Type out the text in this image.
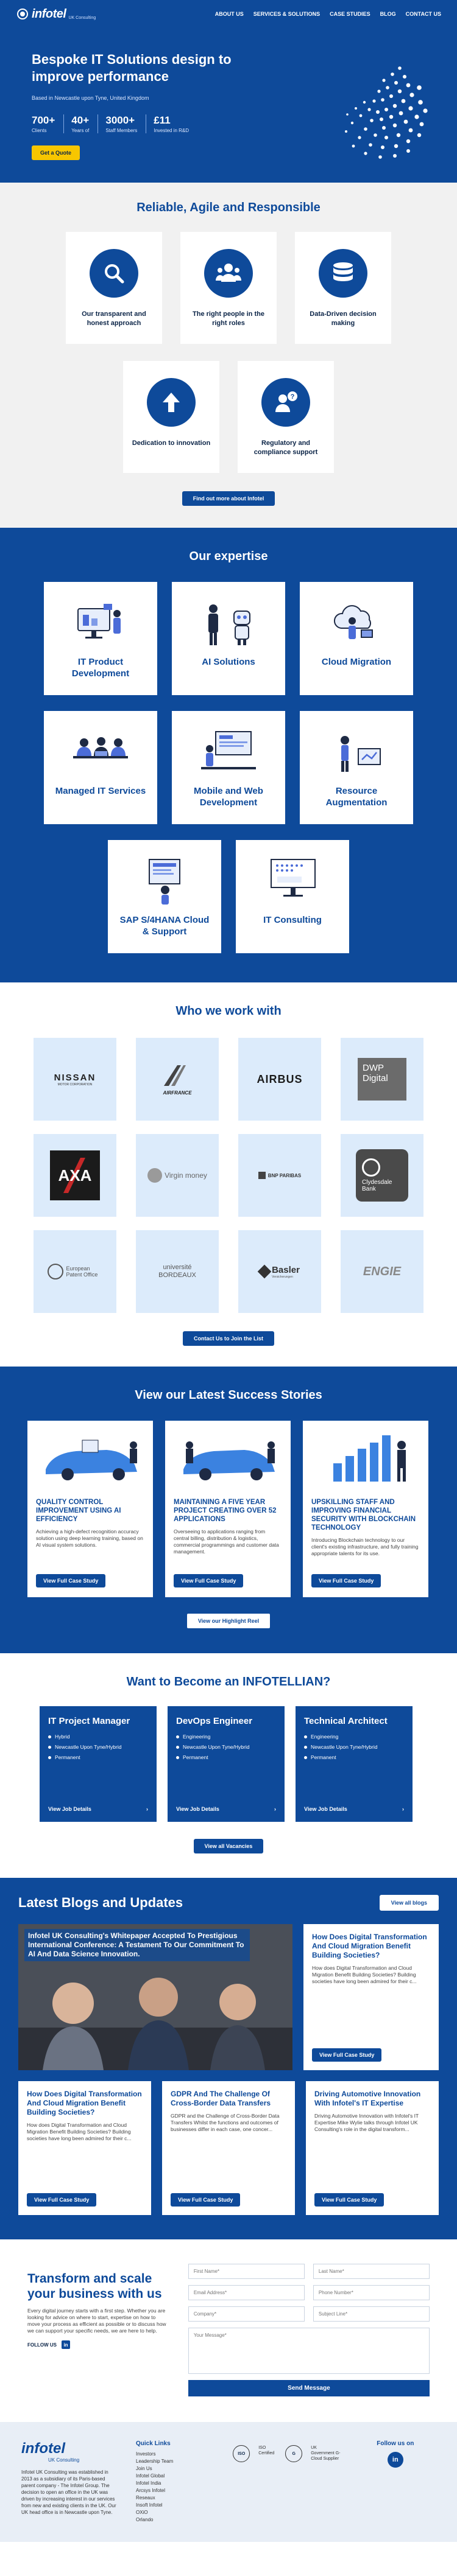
infotel UK Consulting
ABOUT US SERVICES & SOLUTIONS CASE STUDIES BLOG CONTACT US
Bespoke IT Solutions design to improve performance
Based in Newcastle upon Tyne, United Kingdom
700+
Clients
40+
Years of
3000+
Staff Members
£11
Invested in R&D
Get a Quote
Reliable, Agile and Responsible
Our transparent and honest approach
The right people in the right roles
Data-Driven decision making
Dedication to innovation
?
Regulatory and compliance support
Find out more about Infotel
Our expertise
IT Product Development
AI Solutions	Cloud Migration
Managed IT Services	Mobile and Web Development
Resource Augmentation
SAP S/4HANA Cloud & Support
IT Consulting
Who we work with
NISSAN
MOTOR CORPORATION
AIRFRANCE
AIRBUS
DWP Digital
AXA	Virgin money	BNP PARIBAS
Clydesdale Bank
European Patent Office
université BORDEAUX
Basler
Versicherungen	ENGIE
Contact Us to Join the List
View our Latest Success Stories
QUALITY CONTROL IMPROVEMENT USING AI EFFICIENCY

Achieving a high-defect recognition accuracy solution using deep learning training, based on AI visual system solutions.

View Full Case Study
MAINTAINING A FIVE YEAR PROJECT CREATING OVER 52 APPLICATIONS

Overseeing to applications ranging from central billing, distribution & logistics, commercial programmings and customer data management.

View Full Case Study
UPSKILLING STAFF AND IMPROVING FINANCIAL SECURITY WITH BLOCKCHAIN TECHNOLOGY

Introducing Blockchain technology to our client's existing infrastructure, and fully training appropriate talents for its use.

View Full Case Study
View our Highlight Reel
Want to Become an INFOTELLIAN?
IT Project Manager
Hybrid
Newcastle Upon Tyne/Hybrid
Permanent
View Job Details	›
DevOps Engineer
Engineering
Newcastle Upon Tyne/Hybrid
Permanent
View Job Details	›
Technical Architect
Engineering
Newcastle Upon Tyne/Hybrid
Permanent
View Job Details	›
View all Vacancies
Latest Blogs and Updates	View all blogs
Infotel UK Consulting's Whitepaper Accepted To Prestigious International Conference: A Testament To Our Commitment To AI And Data Science Innovation.
How Does Digital Transformation And Cloud Migration Benefit Building Societies?

How does Digital Transformation and Cloud Migration Benefit Building Societies? Building societies have long been admired for their c...

View Full Case Study
How Does Digital Transformation And Cloud Migration Benefit Building Societies?

How does Digital Transformation and Cloud Migration Benefit Building Societies? Building societies have long been admired for their c...

View Full Case Study
GDPR And The Challenge Of Cross-Border Data Transfers

GDPR and the Challenge of Cross-Border Data Transfers Whilst the functions and outcomes of businesses differ in each case, one concer...

View Full Case Study
Driving Automotive Innovation With Infotel's IT Expertise

Driving Automotive Innovation with Infotel's IT Expertise Mike Wylie talks through Infotel UK Consulting's role in the digital transform...

View Full Case Study
Transform and scale your business with us

Every digital journey starts with a first step. Whether you are looking for advice on where to start, expertise on how to move your process as efficient as possible or to discuss how we can support your specific needs, we are here to help.

FOLLOW US	in
First Name*
Last Name*
Email Address*
Phone Number*
Company*
Subject Line*
Your Message*
Send Message
infotel
UK Consulting

Infotel UK Consulting was established in 2013 as a subsidiary of its Paris-based parent company - The Infotel Group. The decision to open an office in the UK was driven by increasing interest in our services from new and existing clients in the UK. Our UK head office is in Newcastle upon Tyne.

Quick Links
Investors
Leadership Team
Join Us
Infotel Global
Infotel India
Arcsys Infotel
Reseaux
Insoft Infotel
OXiO
Orlando
ISO
ISO Certified	G
UK Government G-Cloud Supplier
Follow us on
in
